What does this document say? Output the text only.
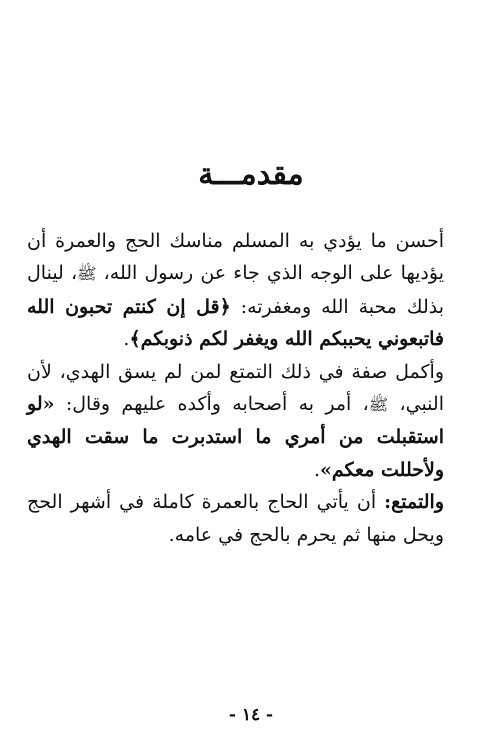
مقدمـــة

أحسن ما يؤدي به المسلم مناسك الحج والعمرة أن يؤديها على الوجه الذي جاء عن رسول الله، ﷺ، لينال بذلك محبة الله ومغفرته: ﴿قل إن كنتم تحبون الله فاتبعوني يحببكم الله ويغفر لكم ذنوبكم﴾.

وأكمل صفة في ذلك التمتع لمن لم يسق الهدي، لأن النبي، ﷺ، أمر به أصحابه وأكده عليهم وقال: «لو استقبلت من أمري ما استدبرت ما سقت الهدي ولأحللت معكم».

والتمتع: أن يأتي الحاج بالعمرة كاملة في أشهر الحج ويحل منها ثم يحرم بالحج في عامه.

- ١٤ -
